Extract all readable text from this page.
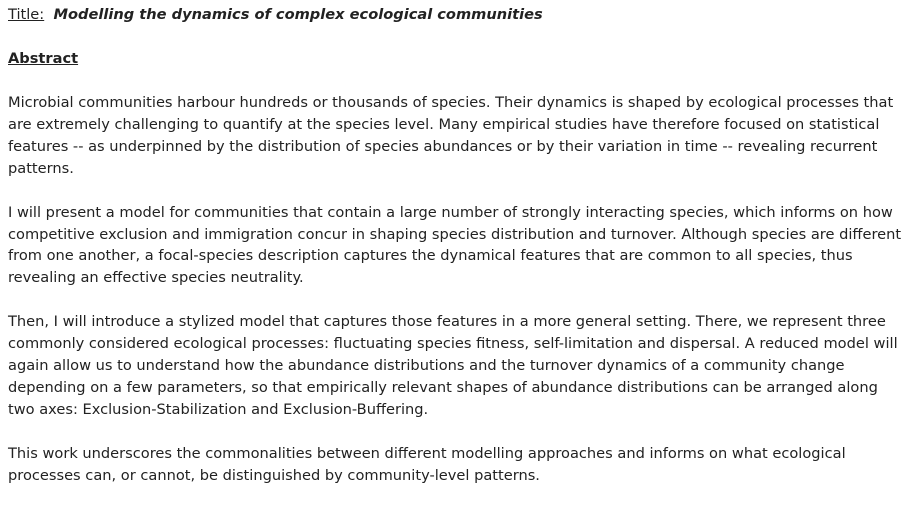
Title: Modelling the dynamics of complex ecological communities

Abstract

Microbial communities harbour hundreds or thousands of species. Their dynamics is shaped by ecological processes that are extremely challenging to quantify at the species level. Many empirical studies have therefore focused on statistical features -- as underpinned by the distribution of species abundances or by their variation in time -- revealing recurrent patterns.

I will present a model for communities that contain a large number of strongly interacting species, which informs on how competitive exclusion and immigration concur in shaping species distribution and turnover. Although species are different from one another, a focal-species description captures the dynamical features that are common to all species, thus revealing an effective species neutrality.

Then, I will introduce a stylized model that captures those features in a more general setting. There, we represent three commonly considered ecological processes: fluctuating species fitness, self-limitation and dispersal. A reduced model will again allow us to understand how the abundance distributions and the turnover dynamics of a community change depending on a few parameters, so that empirically relevant shapes of abundance distributions can be arranged along two axes: Exclusion-Stabilization and Exclusion-Buffering.

This work underscores the commonalities between different modelling approaches and informs on what ecological processes can, or cannot, be distinguished by community-level patterns.
